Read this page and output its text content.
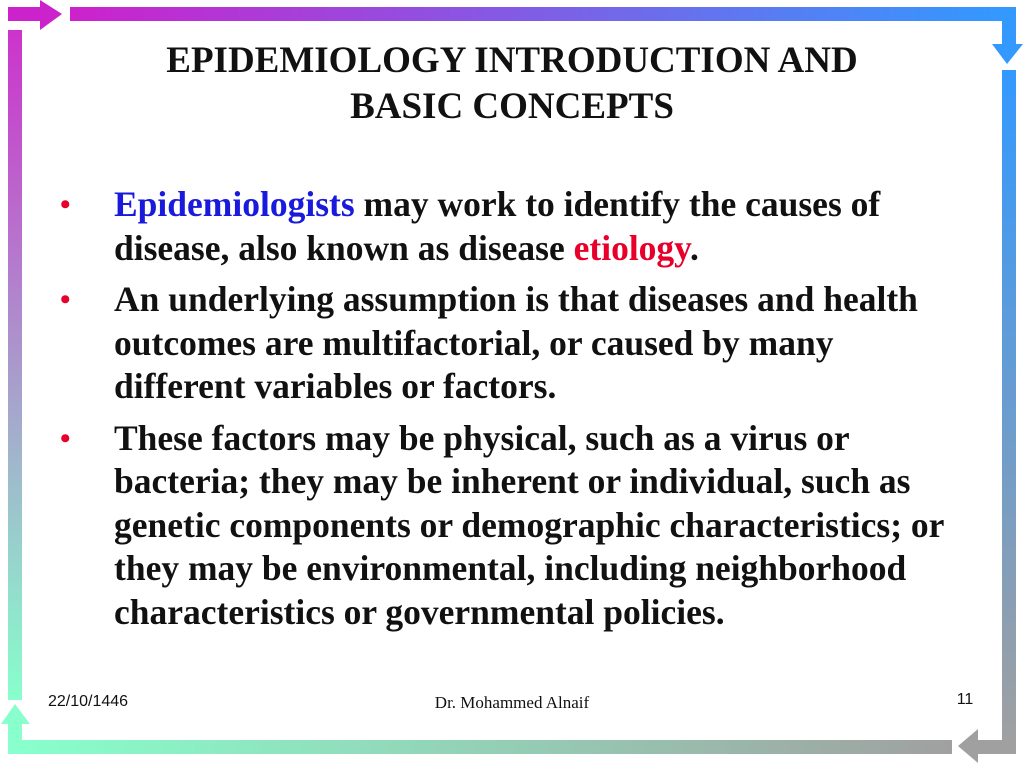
EPIDEMIOLOGY INTRODUCTION AND
BASIC CONCEPTS
• Epidemiologists may work to identify the causes of disease, also known as disease etiology.
• An underlying assumption is that diseases and health outcomes are multifactorial, or caused by many different variables or factors.
• These factors may be physical, such as a virus or bacteria; they may be inherent or individual, such as genetic components or demographic characteristics; or they may be environmental, including neighborhood characteristics or governmental policies.
22/10/1446	Dr. Mohammed Alnaif	11
